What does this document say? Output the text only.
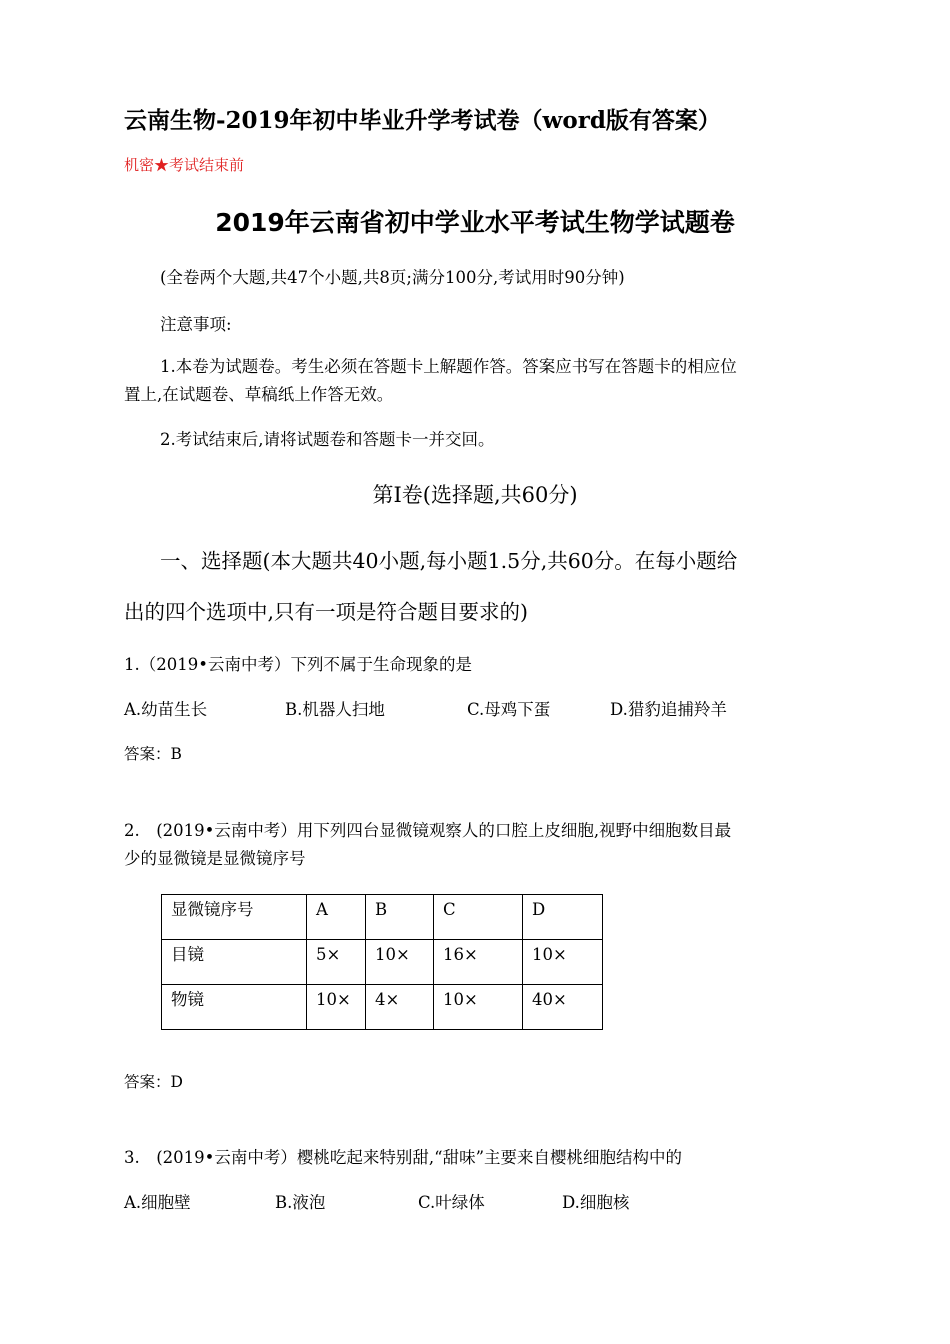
云南生物-2019年初中毕业升学考试卷（word版有答案）
机密★考试结束前
2019年云南省初中学业水平考试生物学试题卷
(全卷两个大题,共47个小题,共8页;满分100分,考试用时90分钟)
注意事项:
1.本卷为试题卷。考生必须在答题卡上解题作答。答案应书写在答题卡的相应位
置上,在试题卷、草稿纸上作答无效。
2.考试结束后,请将试题卷和答题卡一并交回。
第Ⅰ卷(选择题,共60分)
一、选择题(本大题共40小题,每小题1.5分,共60分。在每小题给
出的四个选项中,只有一项是符合题目要求的)
1.（2019•云南中考）下列不属于生命现象的是
A.幼苗生长	B.机器人扫地	C.母鸡下蛋	D.猎豹追捕羚羊
答案：B
2.　(2019•云南中考）用下列四台显微镜观察人的口腔上皮细胞,视野中细胞数目最
少的显微镜是显微镜序号
显微镜序号	A	B	C	D
目镜	5×	10×	16×	10×
物镜	10×	4×	10×	40×
答案：D
3.　(2019•云南中考）樱桃吃起来特别甜,“甜味”主要来自樱桃细胞结构中的
A.细胞壁	B.液泡	C.叶绿体	D.细胞核
